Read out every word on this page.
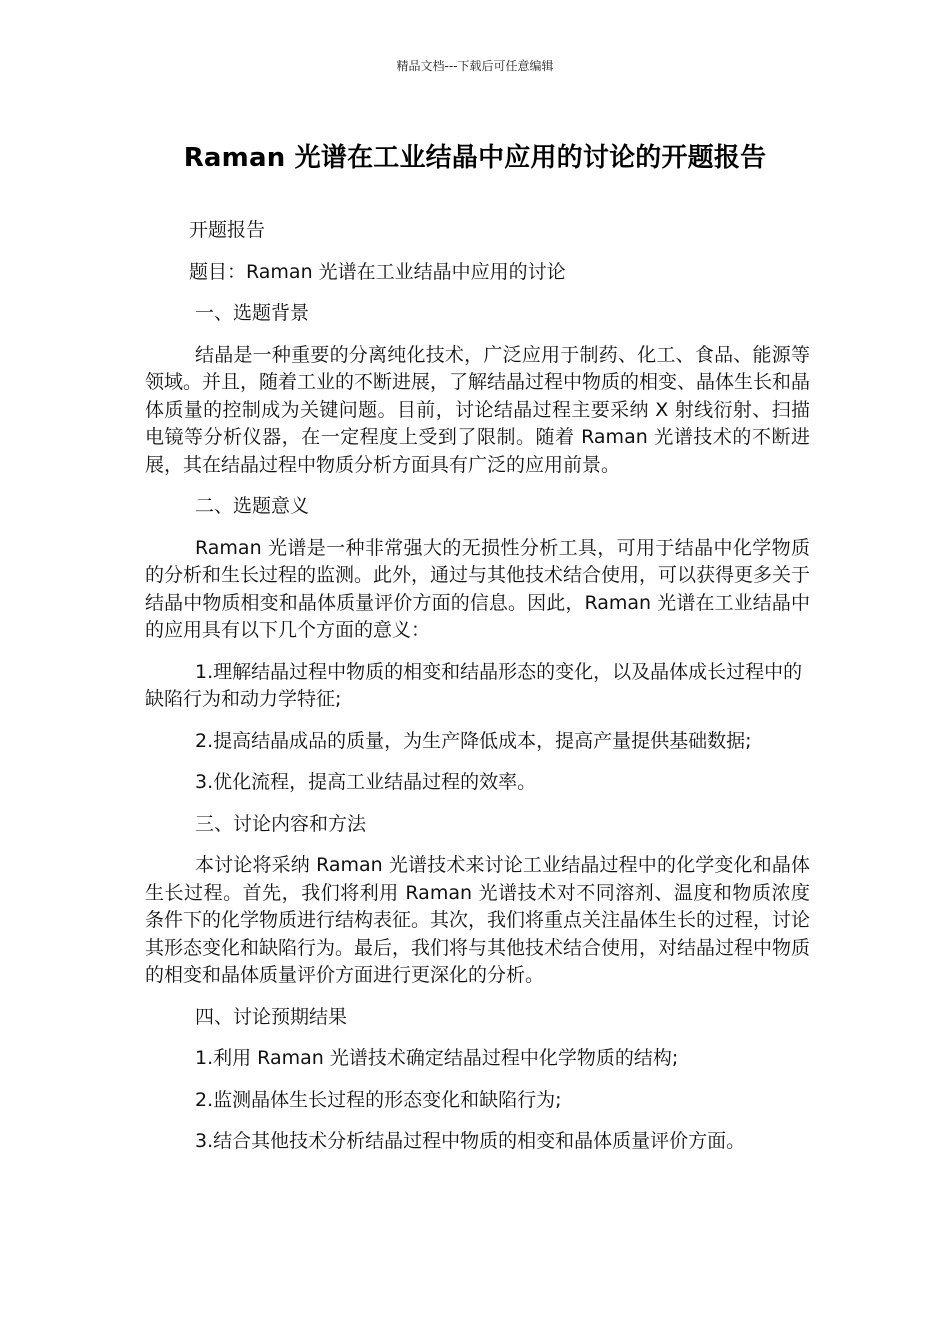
精品文档---下载后可任意编辑
Raman 光谱在工业结晶中应用的讨论的开题报告

开题报告

题目：Raman 光谱在工业结晶中应用的讨论

一、选题背景

结晶是一种重要的分离纯化技术，广泛应用于制药、化工、食品、能源等领域。并且，随着工业的不断进展，了解结晶过程中物质的相变、晶体生长和晶体质量的控制成为关键问题。目前，讨论结晶过程主要采纳 X 射线衍射、扫描电镜等分析仪器，在一定程度上受到了限制。随着 Raman 光谱技术的不断进展，其在结晶过程中物质分析方面具有广泛的应用前景。

二、选题意义

Raman 光谱是一种非常强大的无损性分析工具，可用于结晶中化学物质的分析和生长过程的监测。此外，通过与其他技术结合使用，可以获得更多关于结晶中物质相变和晶体质量评价方面的信息。因此，Raman 光谱在工业结晶中的应用具有以下几个方面的意义：

1.理解结晶过程中物质的相变和结晶形态的变化，以及晶体成长过程中的缺陷行为和动力学特征;

2.提高结晶成品的质量，为生产降低成本，提高产量提供基础数据;

3.优化流程，提高工业结晶过程的效率。

三、讨论内容和方法

本讨论将采纳 Raman 光谱技术来讨论工业结晶过程中的化学变化和晶体生长过程。首先，我们将利用 Raman 光谱技术对不同溶剂、温度和物质浓度条件下的化学物质进行结构表征。其次，我们将重点关注晶体生长的过程，讨论其形态变化和缺陷行为。最后，我们将与其他技术结合使用，对结晶过程中物质的相变和晶体质量评价方面进行更深化的分析。

四、讨论预期结果

1.利用 Raman 光谱技术确定结晶过程中化学物质的结构;

2.监测晶体生长过程的形态变化和缺陷行为;

3.结合其他技术分析结晶过程中物质的相变和晶体质量评价方面。
